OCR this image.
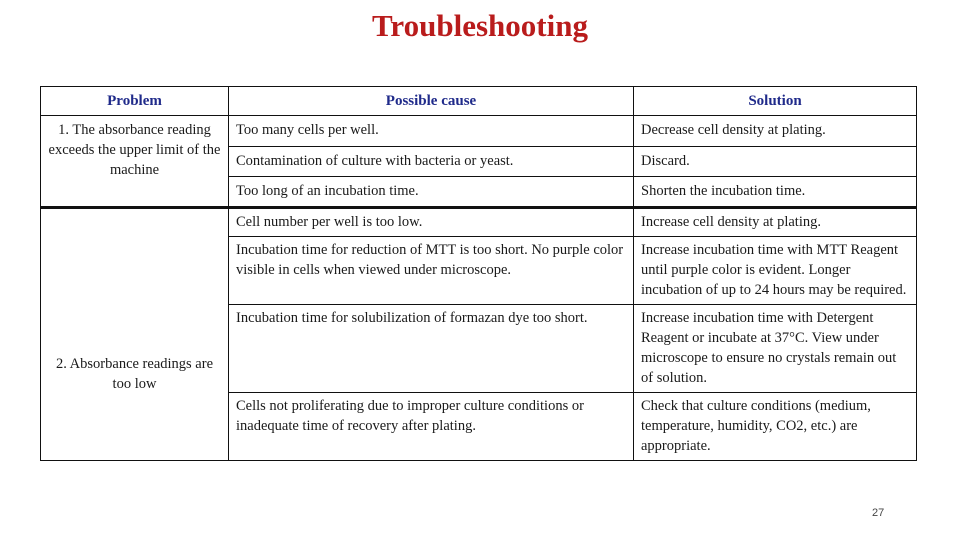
Troubleshooting
Problem	Possible cause	Solution
1. The absorbance reading exceeds the upper limit of the machine	Too many cells per well.	Decrease cell density at plating.
	Contamination of culture with bacteria or yeast.	Discard.
	Too long of an incubation time.	Shorten the incubation time.
2. Absorbance readings are too low	Cell number per well is too low.	Increase cell density at plating.
	Incubation time for reduction of MTT is too short. No purple color visible in cells when viewed under microscope.	Increase incubation time with MTT Reagent until purple color is evident. Longer incubation of up to 24 hours may be required.
	Incubation time for solubilization of formazan dye too short.	Increase incubation time with Detergent Reagent or incubate at 37°C. View under microscope to ensure no crystals remain out of solution.
	Cells not proliferating due to improper culture conditions or inadequate time of recovery after plating.	Check that culture conditions (medium, temperature, humidity, CO2, etc.) are appropriate.
27
